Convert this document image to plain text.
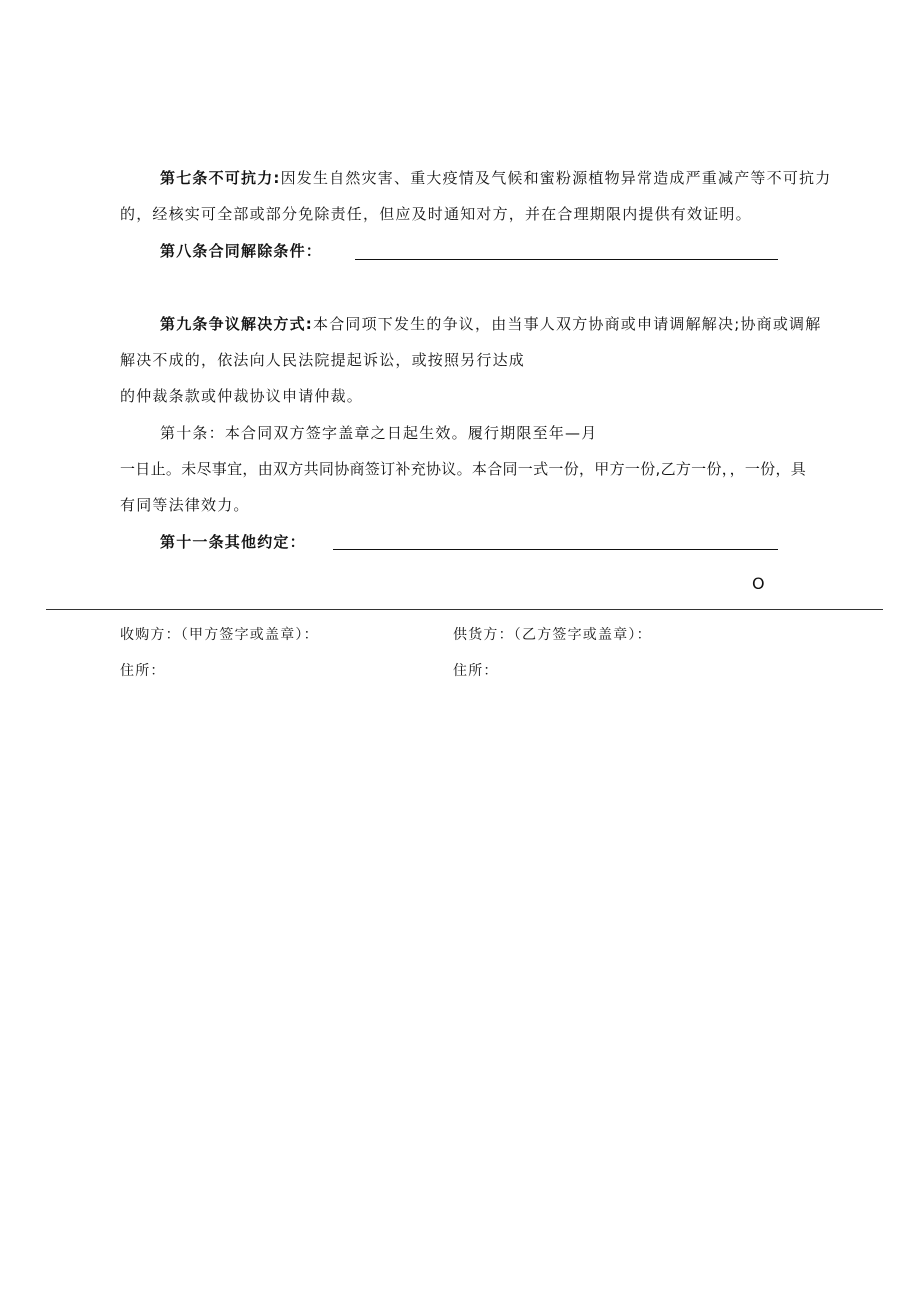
第七条不可抗力:因发生自然灾害、重大疫情及气候和蜜粉源植物异常造成严重减产等不可抗力
的，经核实可全部或部分免除责任，但应及时通知对方，并在合理期限内提供有效证明。
第八条合同解除条件：
第九条争议解决方式:本合同项下发生的争议，由当事人双方协商或申请调解解决;协商或调解
解决不成的，依法向人民法院提起诉讼，或按照另行达成
的仲裁条款或仲裁协议申请仲裁。
第十条：本合同双方签字盖章之日起生效。履行期限至年—月
一日止。未尽事宜，由双方共同协商签订补充协议。本合同一式一份，甲方一份,乙方一份，，一份，具
有同等法律效力。
第十一条其他约定：
O
收购方：（甲方签字或盖章）：	供货方：（乙方签字或盖章）：
住所：	住所：
